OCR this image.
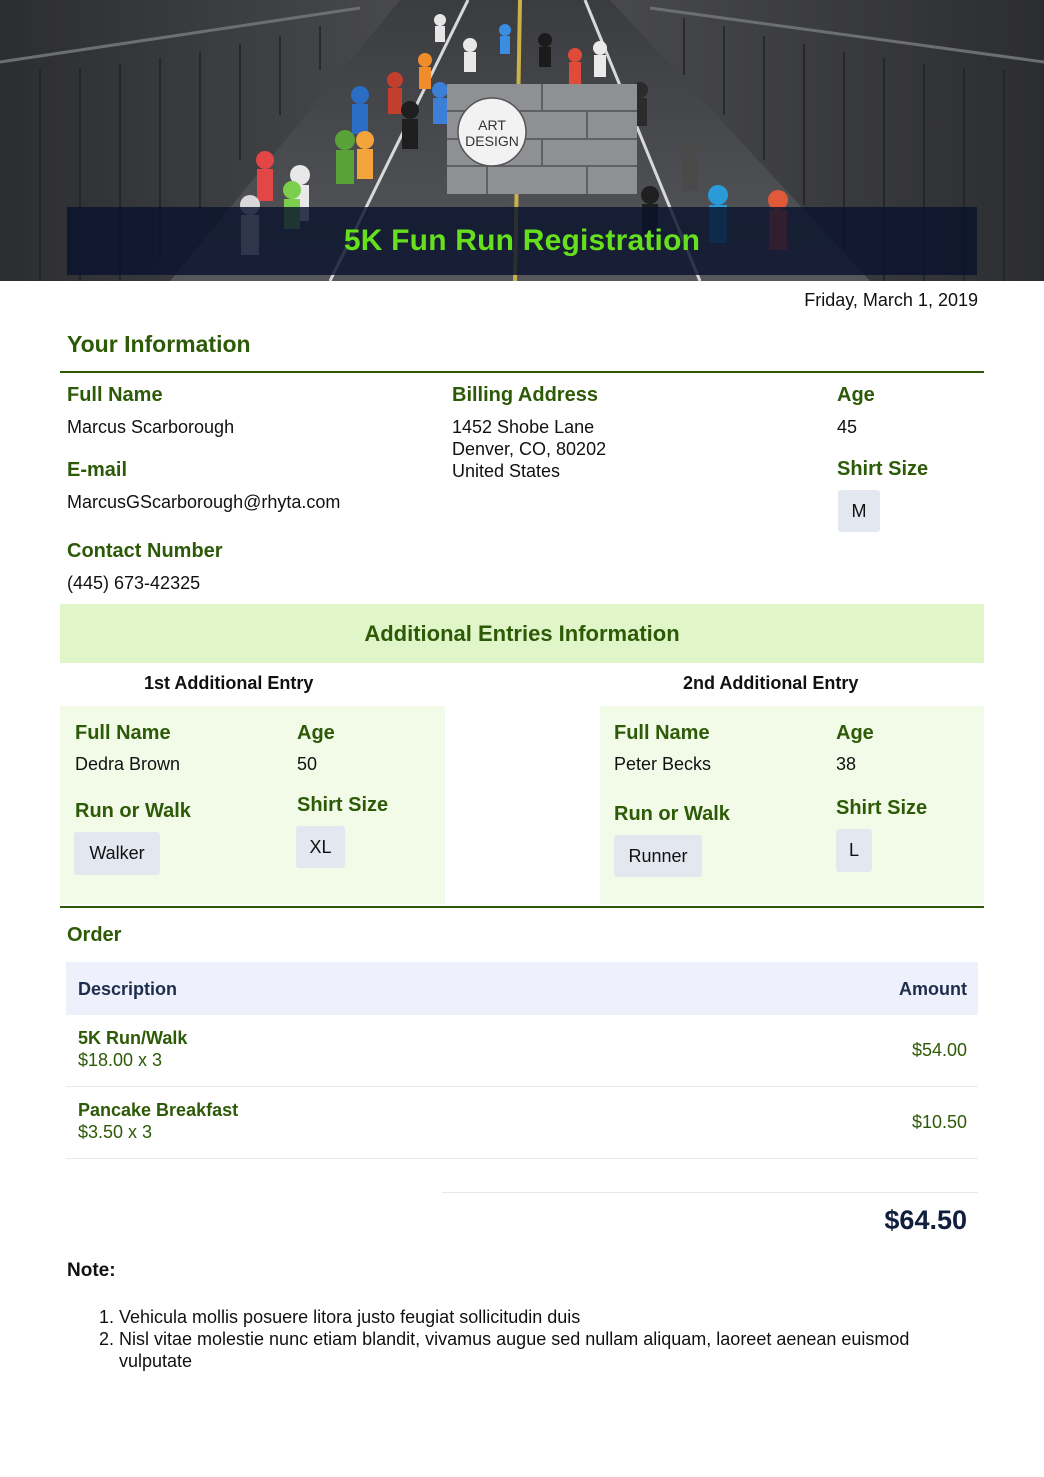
ART
DESIGN
5K Fun Run Registration
Friday, March 1, 2019
Your Information
Full Name
Marcus Scarborough
E-mail
MarcusGScarborough@rhyta.com
Contact Number
(445) 673-42325
Billing Address
1452 Shobe Lane
Denver, CO, 80202
United States
Age
45
Shirt Size
M
Additional Entries Information
1st Additional Entry	2nd Additional Entry
Full Name
Dedra Brown
Age
50
Run or Walk
Walker
Shirt Size
XL
Full Name
Peter Becks
Age
38
Run or Walk
Runner
Shirt Size
L
Order
Description	Amount
5K Run/Walk
$18.00 x 3	$54.00
Pancake Breakfast
$3.50 x 3	$10.50
$64.50
Note:
1. Vehicula mollis posuere litora justo feugiat sollicitudin duis
2. Nisl vitae molestie nunc etiam blandit, vivamus augue sed nullam aliquam, laoreet aenean euismod vulputate
